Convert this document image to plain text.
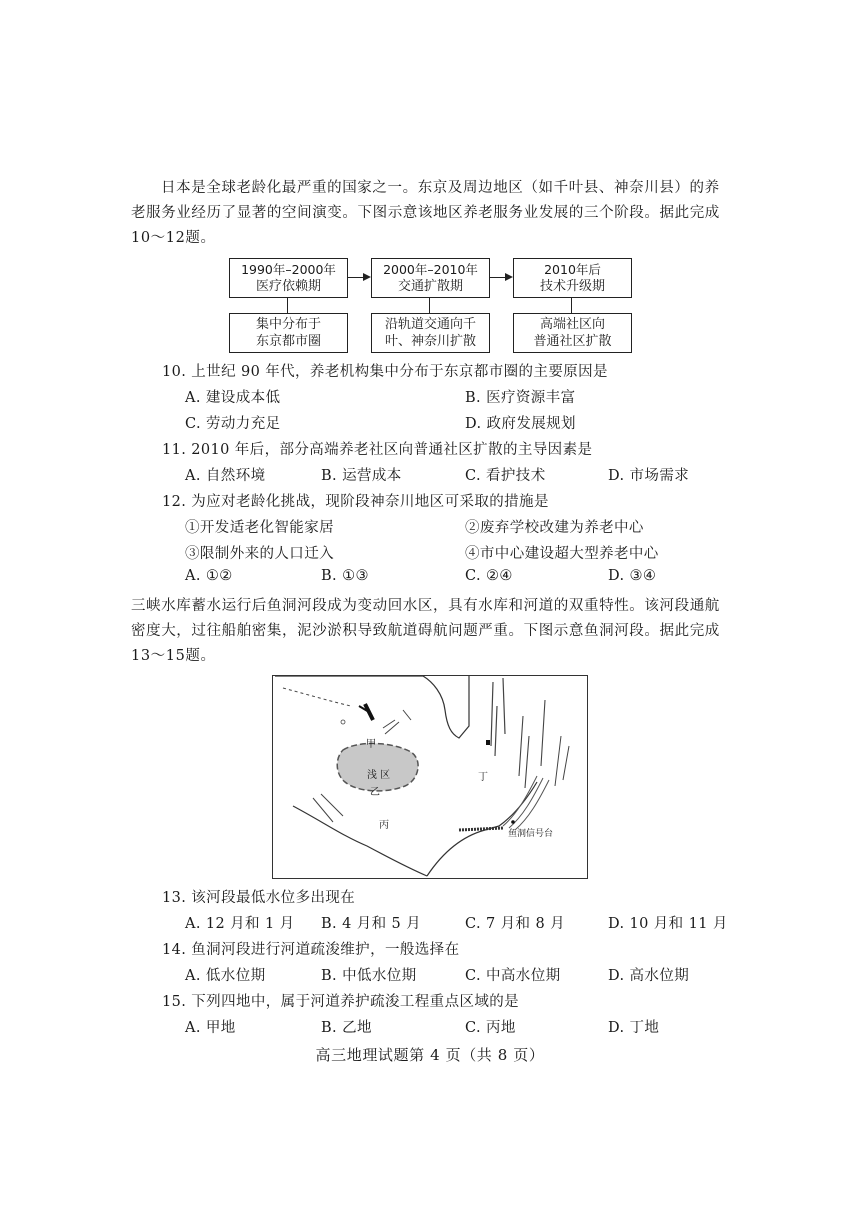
日本是全球老龄化最严重的国家之一。东京及周边地区（如千叶县、神奈川县）的养老服务业经历了显著的空间演变。下图示意该地区养老服务业发展的三个阶段。据此完成10～12题。

1990年–2000年
医疗依赖期
2000年–2010年
交通扩散期
2010年后
技术升级期
集中分布于
东京都市圈
沿轨道交通向千
叶、神奈川扩散
高端社区向
普通社区扩散
10. 上世纪 90 年代，养老机构集中分布于东京都市圈的主要原因是
A. 建设成本低	B. 医疗资源丰富
C. 劳动力充足	D. 政府发展规划
11. 2010 年后，部分高端养老社区向普通社区扩散的主导因素是
A. 自然环境	B. 运营成本	C. 看护技术	D. 市场需求
12. 为应对老龄化挑战，现阶段神奈川地区可采取的措施是
①开发适老化智能家居	②废弃学校改建为养老中心
③限制外来的人口迁入	④市中心建设超大型养老中心
A. ①②	B. ①③	C. ②④	D. ③④

三峡水库蓄水运行后鱼洞河段成为变动回水区，具有水库和河道的双重特性。该河段通航密度大，过往船舶密集，泥沙淤积导致航道碍航问题严重。下图示意鱼洞河段。据此完成13～15题。

甲
浅 区
乙
丙
丁
鱼洞信号台
13. 该河段最低水位多出现在
A. 12 月和 1 月 B. 4 月和 5 月	C. 7 月和 8 月	D. 10 月和 11 月
14. 鱼洞河段进行河道疏浚维护，一般选择在
A. 低水位期	B. 中低水位期	C. 中高水位期	D. 高水位期
15. 下列四地中，属于河道养护疏浚工程重点区域的是
A. 甲地	B. 乙地	C. 丙地	D. 丁地
高三地理试题第 4 页（共 8 页）
